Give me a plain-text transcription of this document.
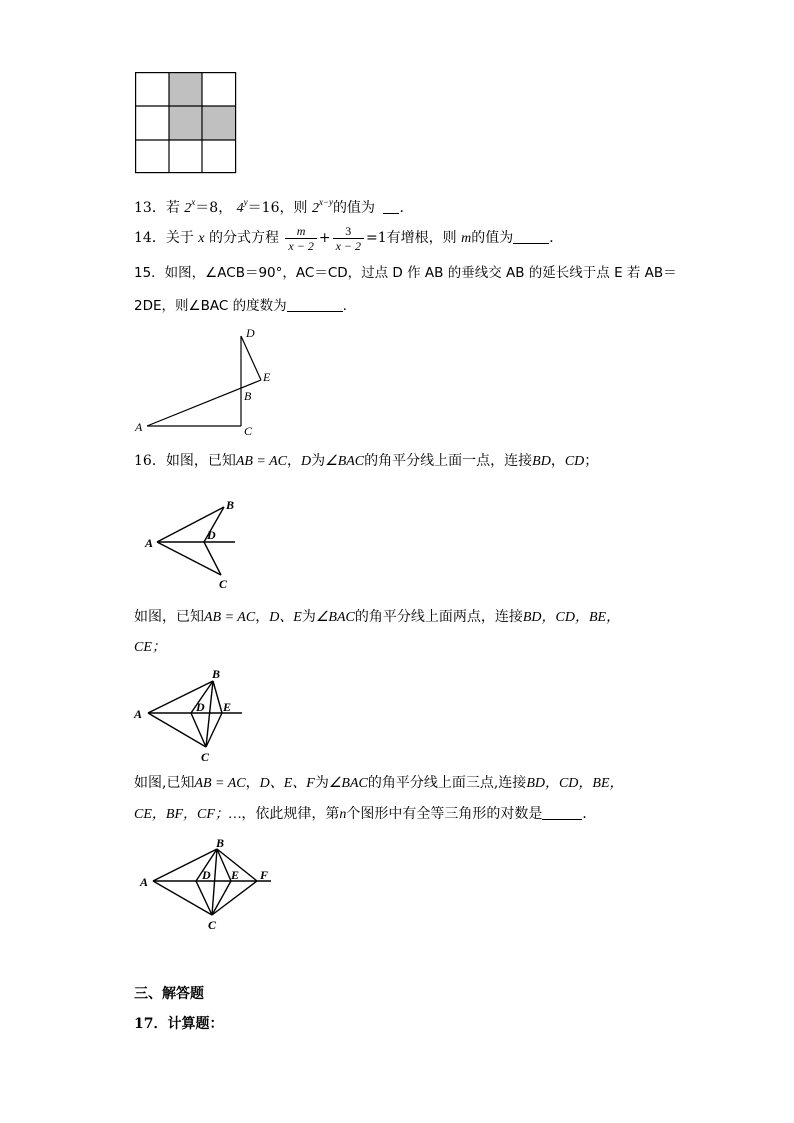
13．若 $2^x=8$， $4^y=16$，则 $2^{x-y}$的值为 ．
14．关于 x 的分式方程 $\frac{m}{x - 2} + \frac{3}{x - 2} =1$有增根，则 m的值为	．
15．如图，∠ACB＝90°，AC＝CD，过点 D 作 AB 的垂线交 AB 的延长线于点 E 若 AB＝
2DE，则∠BAC 的度数为	.
D
E
B
A	C
16．如图，已知AB = AC，D为∠BAC的角平分线上面一点，连接BD，CD；
B
A
D
C
如图，已知AB = AC，D、E为∠BAC的角平分线上面两点，连接BD，CD，BE，
CE；
B
A	D E
C
如图,已知AB = AC，D、E、F为∠BAC的角平分线上面三点,连接BD，CD，BE，
CE，BF，CF；…，依此规律，第n个图形中有全等三角形的对数是	．
B
A	D E F
C
三、解答题
17．计算题：
